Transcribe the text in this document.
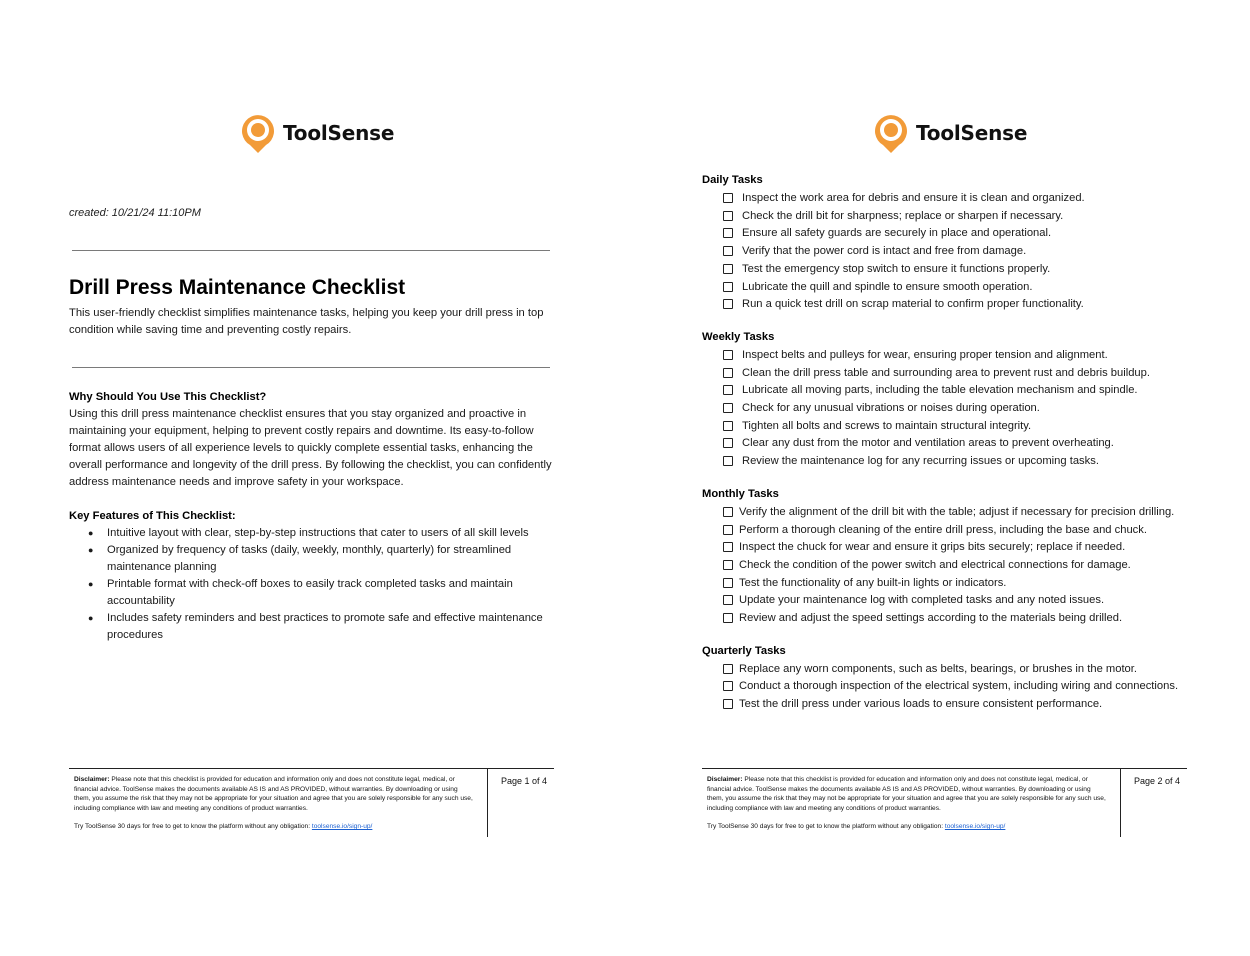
ToolSense
created: 10/21/24 11:10PM
Drill Press Maintenance Checklist

This user-friendly checklist simplifies maintenance tasks, helping you keep your drill press in top condition while saving time and preventing costly repairs.

Why Should You Use This Checklist?

Using this drill press maintenance checklist ensures that you stay organized and proactive in maintaining your equipment, helping to prevent costly repairs and downtime. Its easy-to-follow format allows users of all experience levels to quickly complete essential tasks, enhancing the overall performance and longevity of the drill press. By following the checklist, you can confidently address maintenance needs and improve safety in your workspace.

Key Features of This Checklist:
● Intuitive layout with clear, step-by-step instructions that cater to users of all skill levels
● Organized by frequency of tasks (daily, weekly, monthly, quarterly) for streamlined maintenance planning
● Printable format with check-off boxes to easily track completed tasks and maintain accountability
● Includes safety reminders and best practices to promote safe and effective maintenance procedures

Disclaimer: Please note that this checklist is provided for education and information only and does not constitute legal, medical, or financial advice. ToolSense makes the documents available AS IS and AS PROVIDED, without warranties. By downloading or using them, you assume the risk that they may not be appropriate for your situation and agree that you are solely responsible for any such use, including compliance with law and meeting any conditions of product warranties.

Try ToolSense 30 days for free to get to know the platform without any obligation: toolsense.io/sign-up/

Page 1 of 4
ToolSense
Daily Tasks
Inspect the work area for debris and ensure it is clean and organized.
Check the drill bit for sharpness; replace or sharpen if necessary.
Ensure all safety guards are securely in place and operational.
Verify that the power cord is intact and free from damage.
Test the emergency stop switch to ensure it functions properly.
Lubricate the quill and spindle to ensure smooth operation.
Run a quick test drill on scrap material to confirm proper functionality.
Weekly Tasks
Inspect belts and pulleys for wear, ensuring proper tension and alignment.
Clean the drill press table and surrounding area to prevent rust and debris buildup.
Lubricate all moving parts, including the table elevation mechanism and spindle.
Check for any unusual vibrations or noises during operation.
Tighten all bolts and screws to maintain structural integrity.
Clear any dust from the motor and ventilation areas to prevent overheating.
Review the maintenance log for any recurring issues or upcoming tasks.
Monthly Tasks
Verify the alignment of the drill bit with the table; adjust if necessary for precision drilling.
Perform a thorough cleaning of the entire drill press, including the base and chuck.
Inspect the chuck for wear and ensure it grips bits securely; replace if needed.
Check the condition of the power switch and electrical connections for damage.
Test the functionality of any built-in lights or indicators.
Update your maintenance log with completed tasks and any noted issues.
Review and adjust the speed settings according to the materials being drilled.
Quarterly Tasks
Replace any worn components, such as belts, bearings, or brushes in the motor.
Conduct a thorough inspection of the electrical system, including wiring and connections.
Test the drill press under various loads to ensure consistent performance.

Disclaimer: Please note that this checklist is provided for education and information only and does not constitute legal, medical, or financial advice. ToolSense makes the documents available AS IS and AS PROVIDED, without warranties. By downloading or using them, you assume the risk that they may not be appropriate for your situation and agree that you are solely responsible for any such use, including compliance with law and meeting any conditions of product warranties.

Try ToolSense 30 days for free to get to know the platform without any obligation: toolsense.io/sign-up/

Page 2 of 4
